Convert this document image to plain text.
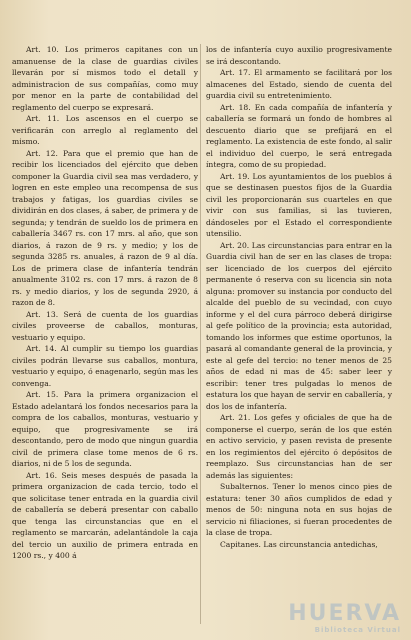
Art. 10. Los primeros capitanes con un amanuense de la clase de guardias civiles llevarán por sí mismos todo el detall y administracion de sus compañías, como muy por menor en la parte de contabilidad del reglamento del cuerpo se expresará.

Art. 11. Los ascensos en el cuerpo se verificarán con arreglo al reglamento del mismo.

Art. 12. Para que el premio que han de recibir los licenciados del ejército que deben componer la Guardia civil sea mas verdadero, y logren en este empleo una recompensa de sus trabajos y fatigas, los guardias civiles se dividirán en dos clases, á saber, de primera y de segunda; y tendrán de sueldo los de primera en caballería 3467 rs. con 17 mrs. al año, que son diarios, á razon de 9 rs. y medio; y los de segunda 3285 rs. anuales, á razon de 9 al día. Los de primera clase de infantería tendrán anualmente 3102 rs. con 17 mrs. á razon de 8 rs. y medio diarios, y los de segunda 2920, á razon de 8.

Art. 13. Será de cuenta de los guardias civiles proveerse de caballos, monturas, vestuario y equipo.

Art. 14. Al cumplir su tiempo los guardias civiles podrán llevarse sus caballos, montura, vestuario y equipo, ó enagenarlo, según mas les convenga.

Art. 15. Para la primera organizacion el Estado adelantará los fondos necesarios para la compra de los caballos, monturas, vestuario y equipo, que progresivamente se irá descontando, pero de modo que ningun guardia civil de primera clase tome menos de 6 rs. diarios, ni de 5 los de segunda.

Art. 16. Seis meses después de pasada la primera organizacion de cada tercio, todo el que solicitase tener entrada en la guardia civil de caballería se deberá presentar con caballo que tenga las circunstancias que en el reglamento se marcarán, adelantándole la caja del tercio un auxilio de primera entrada en 1200 rs., y 400 á

los de infantería cuyo auxilio progresivamente se irá descontando.

Art. 17. El armamento se facilitará por los almacenes del Estado, siendo de cuenta del guardia civil su entretenimiento.

Art. 18. En cada compañía de infantería y caballería se formará un fondo de hombres al descuento diario que se prefijará en el reglamento. La existencia de este fondo, al salir el individuo del cuerpo, le será entregada íntegra, como de su propiedad.

Art. 19. Los ayuntamientos de los pueblos á que se destinasen puestos fijos de la Guardia civil les proporcionarán sus cuarteles en que vivir con sus familias, si las tuvieren, dándoseles por el Estado el correspondiente utensilio.

Art. 20. Las circunstancias para entrar en la Guardia civil han de ser en las clases de tropa: ser licenciado de los cuerpos del ejército permanente ó reserva con su licencia sin nota alguna: promover su instancia por conducto del alcalde del pueblo de su vecindad, con cuyo informe y el del cura párroco deberá dirigirse al gefe político de la provincia; esta autoridad, tomando los informes que estime oportunos, la pasará al comandante general de la provincia, y este al gefe del tercio: no tener menos de 25 años de edad ni mas de 45: saber leer y escribir: tener tres pulgadas lo menos de estatura los que hayan de servir en caballería, y dos los de infantería.

Art. 21. Los gefes y oficiales de que ha de componerse el cuerpo, serán de los que estén en activo servicio, y pasen revista de presente en los regimientos del ejército ó depósitos de reemplazo. Sus circunstancias han de ser además las siguientes:

Subalternos. Tener lo menos cinco pies de estatura: tener 30 años cumplidos de edad y menos de 50: ninguna nota en sus hojas de servicio ni filiaciones, si fueran procedentes de la clase de tropa.

Capitanes. Las circunstancia antedichas,

HUERVA
Biblioteca Virtual
